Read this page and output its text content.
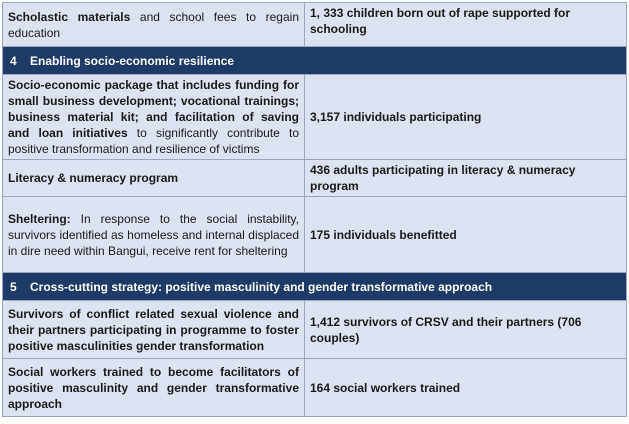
Scholastic materials and school fees to regain education	1, 333 children born out of rape supported for schooling
4 Enabling socio-economic resilience	
Socio-economic package that includes funding for small business development; vocational trainings; business material kit; and facilitation of saving and loan initiatives to significantly contribute to positive transformation and resilience of victims	3,157 individuals participating
Literacy & numeracy program	436 adults participating in literacy & numeracy program
Sheltering: In response to the social instability, survivors identified as homeless and internal displaced in dire need within Bangui, receive rent for sheltering	175 individuals benefitted
5 Cross-cutting strategy: positive masculinity and gender transformative approach	
Survivors of conflict related sexual violence and their partners participating in programme to foster positive masculinities gender transformation	1,412 survivors of CRSV and their partners (706 couples)
Social workers trained to become facilitators of positive masculinity and gender transformative approach	164 social workers trained
